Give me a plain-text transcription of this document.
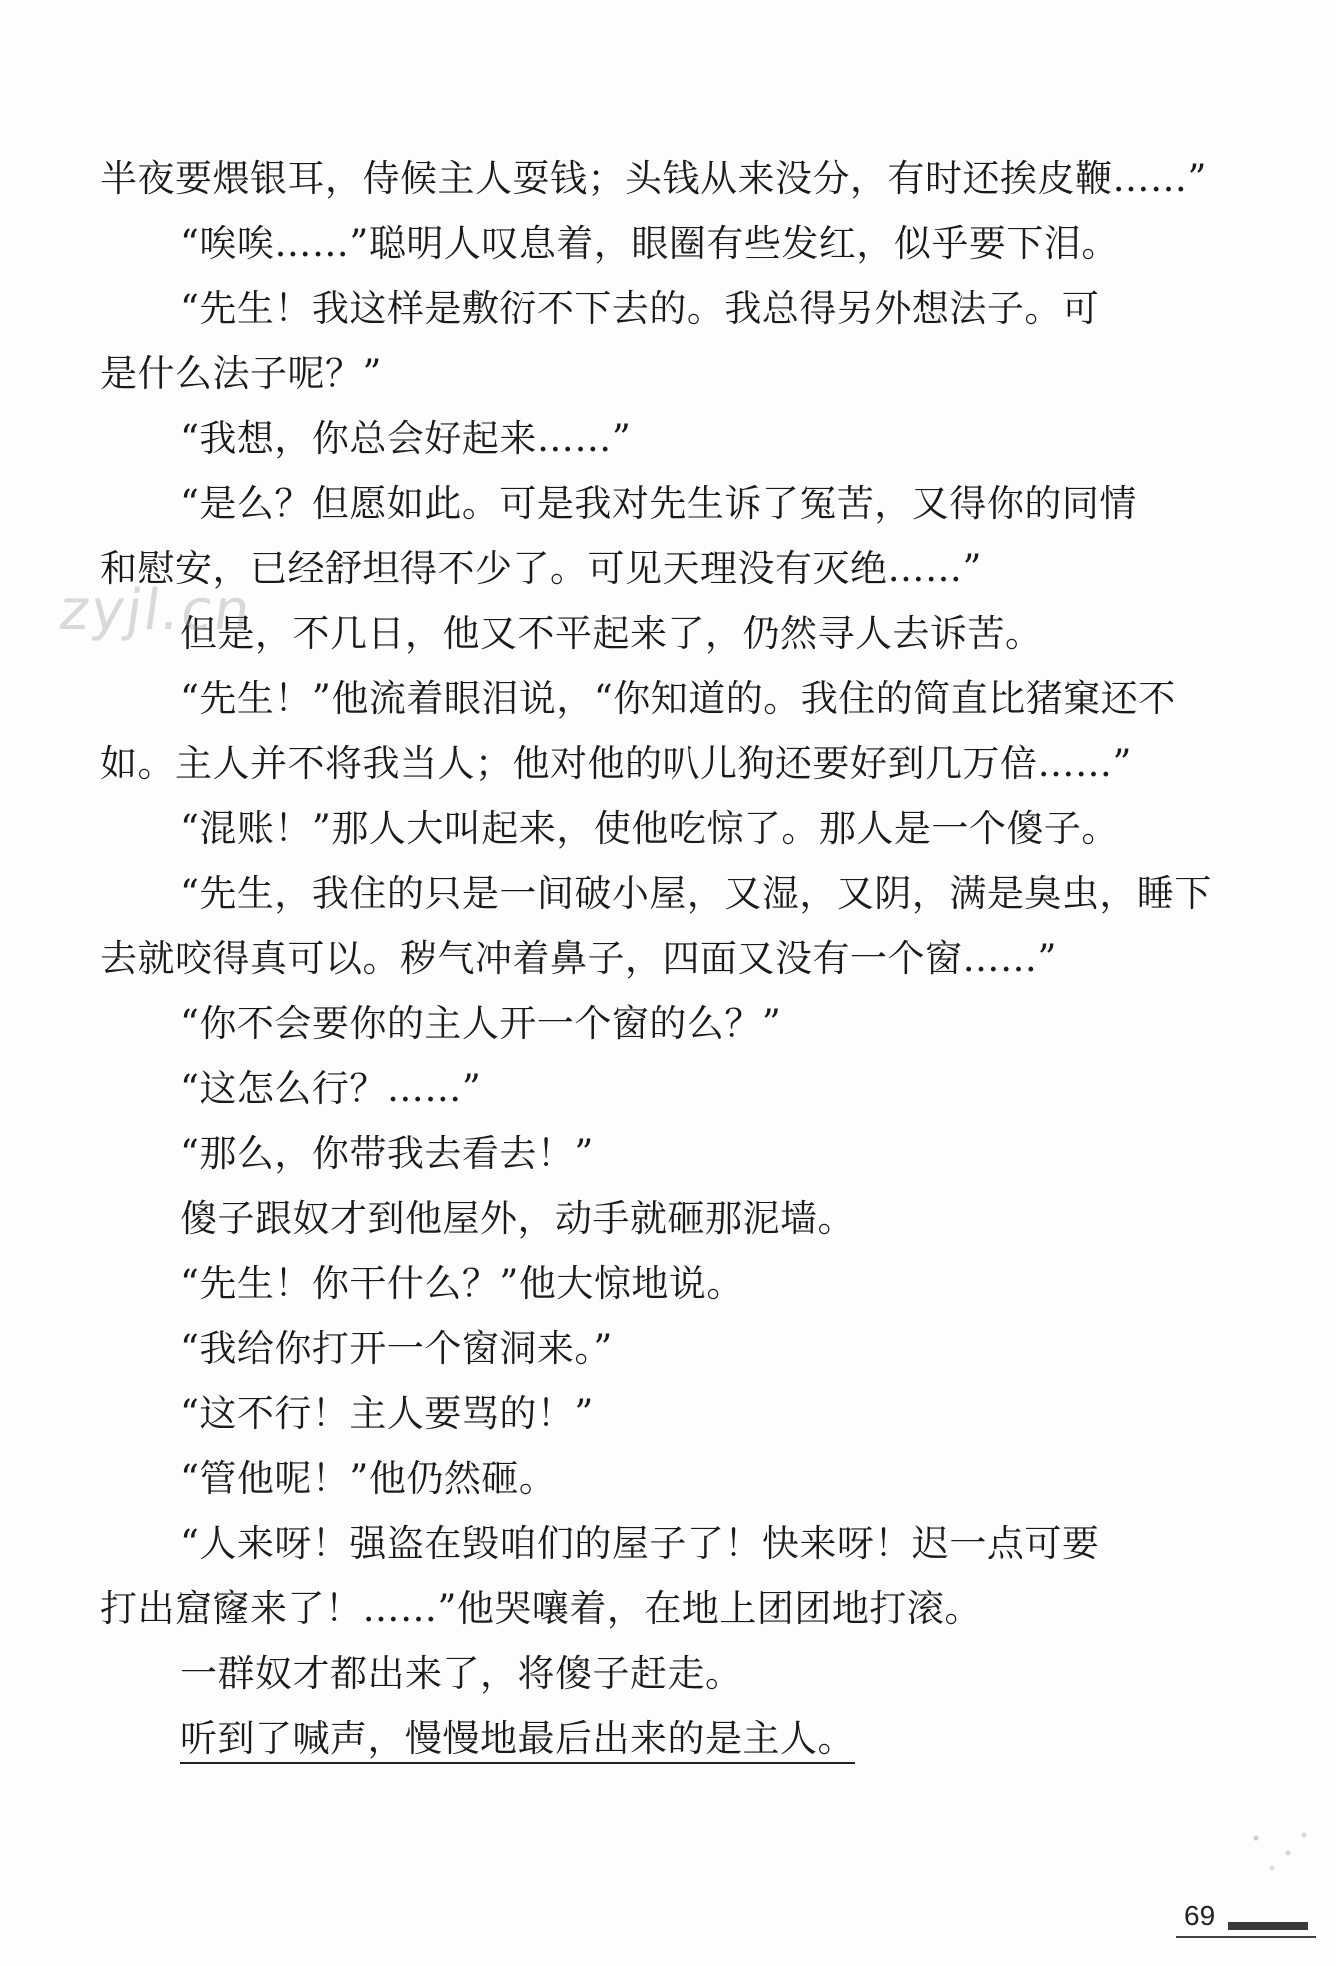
半夜要煨银耳，侍候主人耍钱；头钱从来没分，有时还挨皮鞭……”
“唉唉……”聪明人叹息着，眼圈有些发红，似乎要下泪。
“先生！我这样是敷衍不下去的。我总得另外想法子。可
是什么法子呢？”
“我想，你总会好起来……”
“是么？但愿如此。可是我对先生诉了冤苦，又得你的同情
和慰安，已经舒坦得不少了。可见天理没有灭绝……”
但是，不几日，他又不平起来了，仍然寻人去诉苦。
“先生！”他流着眼泪说，“你知道的。我住的简直比猪窠还不
如。主人并不将我当人；他对他的叭儿狗还要好到几万倍……”
“混账！”那人大叫起来，使他吃惊了。那人是一个傻子。
“先生，我住的只是一间破小屋，又湿，又阴，满是臭虫，睡下
去就咬得真可以。秽气冲着鼻子，四面又没有一个窗……”
“你不会要你的主人开一个窗的么？”
“这怎么行？……”
“那么，你带我去看去！”
傻子跟奴才到他屋外，动手就砸那泥墙。
“先生！你干什么？”他大惊地说。
“我给你打开一个窗洞来。”
“这不行！主人要骂的！”
“管他呢！”他仍然砸。
“人来呀！强盗在毁咱们的屋子了！快来呀！迟一点可要
打出窟窿来了！……”他哭嚷着，在地上团团地打滚。
一群奴才都出来了，将傻子赶走。
听到了喊声，慢慢地最后出来的是主人。
zyjl.cn
69
